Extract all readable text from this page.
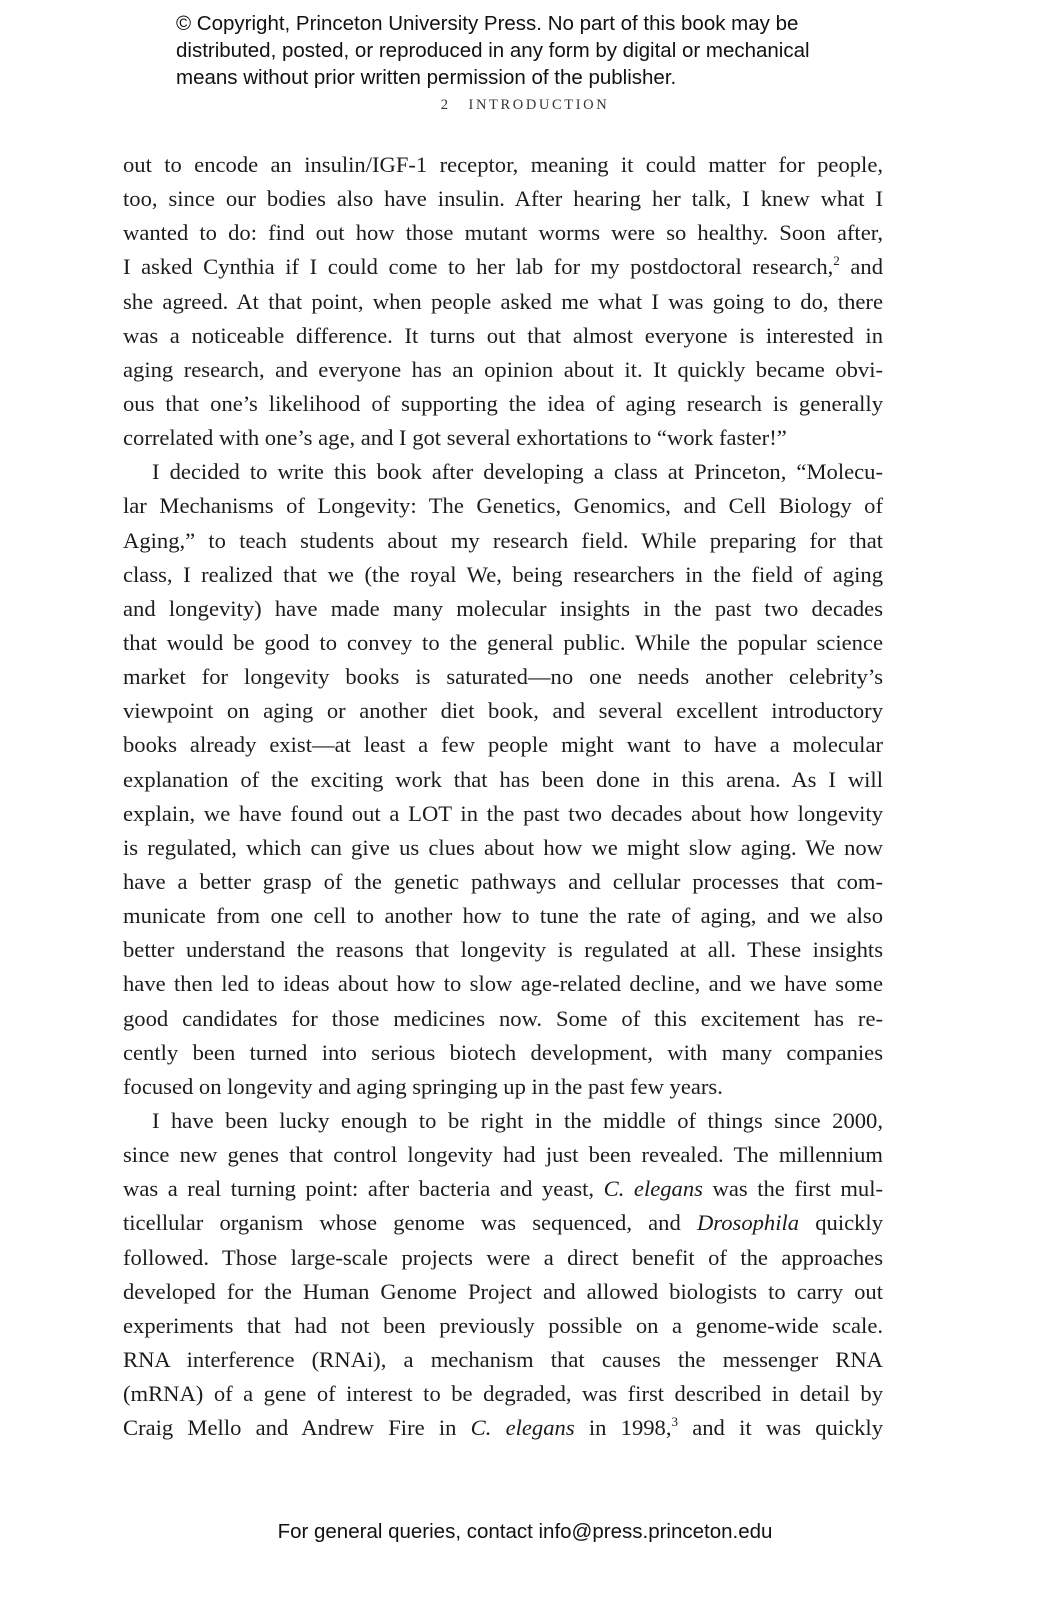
© Copyright, Princeton University Press. No part of this book may be
distributed, posted, or reproduced in any form by digital or mechanical
means without prior written permission of the publisher.
2 INTRODUCTION
out to encode an insulin/IGF-1 receptor, meaning it could matter for people,
too, since our bodies also have insulin. After hearing her talk, I knew what I
wanted to do: find out how those mutant worms were so healthy. Soon after,
I asked Cynthia if I could come to her lab for my postdoctoral research,$^2$ and
she agreed. At that point, when people asked me what I was going to do, there
was a noticeable difference. It turns out that almost everyone is interested in
aging research, and everyone has an opinion about it. It quickly became obvi-
ous that one’s likelihood of supporting the idea of aging research is generally
correlated with one’s age, and I got several exhortations to “work faster!”
I decided to write this book after developing a class at Princeton, “Molecu-
lar Mechanisms of Longevity: The Genetics, Genomics, and Cell Biology of
Aging,” to teach students about my research field. While preparing for that
class, I realized that we (the royal We, being researchers in the field of aging
and longevity) have made many molecular insights in the past two decades
that would be good to convey to the general public. While the popular science
market for longevity books is saturated—no one needs another celebrity’s
viewpoint on aging or another diet book, and several excellent introductory
books already exist—at least a few people might want to have a molecular
explanation of the exciting work that has been done in this arena. As I will
explain, we have found out a LOT in the past two decades about how longevity
is regulated, which can give us clues about how we might slow aging. We now
have a better grasp of the genetic pathways and cellular processes that com-
municate from one cell to another how to tune the rate of aging, and we also
better understand the reasons that longevity is regulated at all. These insights
have then led to ideas about how to slow age-related decline, and we have some
good candidates for those medicines now. Some of this excitement has re-
cently been turned into serious biotech development, with many companies
focused on longevity and aging springing up in the past few years.
I have been lucky enough to be right in the middle of things since 2000,
since new genes that control longevity had just been revealed. The millennium
was a real turning point: after bacteria and yeast, C. elegans was the first mul-
ticellular organism whose genome was sequenced, and Drosophila quickly
followed. Those large-scale projects were a direct benefit of the approaches
developed for the Human Genome Project and allowed biologists to carry out
experiments that had not been previously possible on a genome-wide scale.
RNA interference (RNAi), a mechanism that causes the messenger RNA
(mRNA) of a gene of interest to be degraded, was first described in detail by
Craig Mello and Andrew Fire in C. elegans in 1998,$^3$ and it was quickly
For general queries, contact info@press.princeton.edu
